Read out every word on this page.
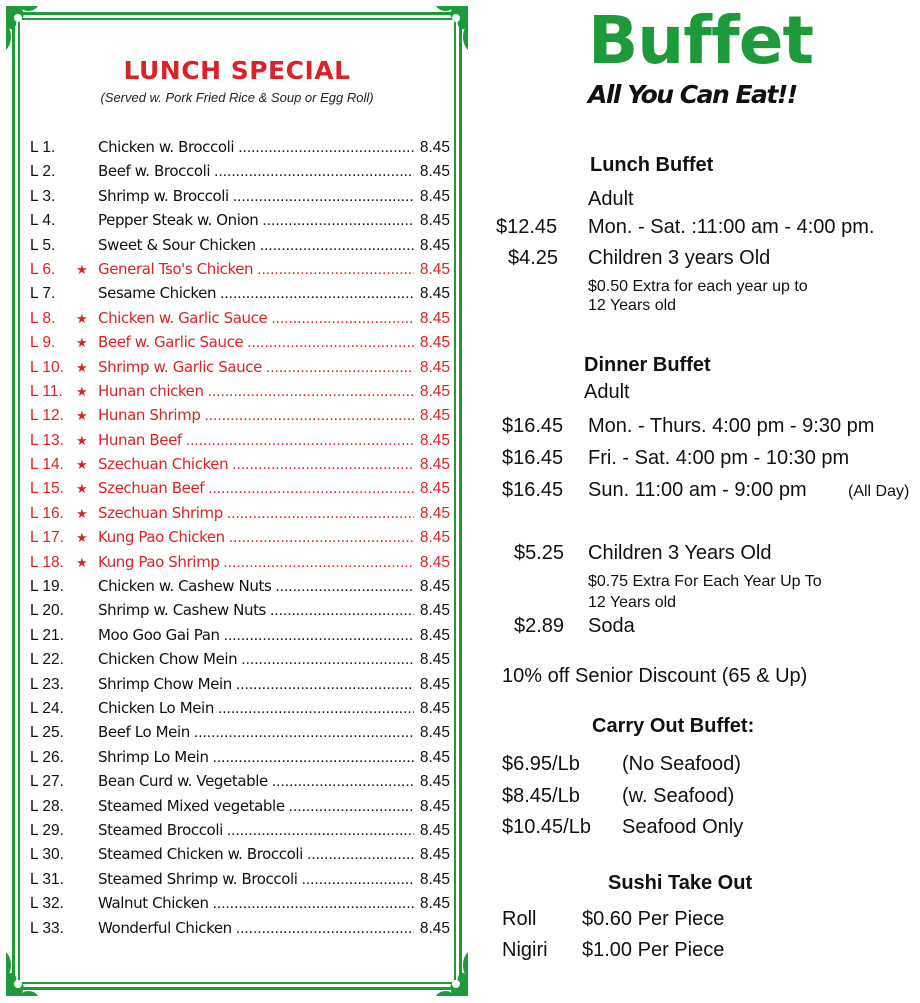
LUNCH SPECIAL
(Served w. Pork Fried Rice & Soup or Egg Roll)
L 1.	Chicken w. Broccoli .....	8.45
L 2.	Beef w. Broccoli .....	8.45
L 3.	Shrimp w. Broccoli .....	8.45
L 4.	Pepper Steak w. Onion .....	8.45
L 5.	Sweet & Sour Chicken .....	8.45
L 6.	★ General Tso's Chicken .....	8.45
L 7.	Sesame Chicken .....	8.45
L 8.	★ Chicken w. Garlic Sauce .....	8.45
L 9.	★ Beef w. Garlic Sauce .....	8.45
L 10. ★ Shrimp w. Garlic Sauce .....	8.45
L 11.	★ Hunan chicken .....	8.45
L 12. ★ Hunan Shrimp .....	8.45
L 13. ★ Hunan Beef .....	8.45
L 14. ★ Szechuan Chicken .....	8.45
L 15. ★ Szechuan Beef .....	8.45
L 16. ★ Szechuan Shrimp .....	8.45
L 17. ★ Kung Pao Chicken .....	8.45
L 18. ★ Kung Pao Shrimp .....	8.45
L 19.	Chicken w. Cashew Nuts .....	8.45
L 20.	Shrimp w. Cashew Nuts .....	8.45
L 21.	Moo Goo Gai Pan .....	8.45
L 22.	Chicken Chow Mein .....	8.45
L 23.	Shrimp Chow Mein .....	8.45
L 24.	Chicken Lo Mein .....	8.45
L 25.	Beef Lo Mein .....	8.45
L 26.	Shrimp Lo Mein .....	8.45
L 27.	Bean Curd w. Vegetable .....	8.45
L 28.	Steamed Mixed vegetable .....	8.45
L 29.	Steamed Broccoli .....	8.45
L 30.	Steamed Chicken w. Broccoli .....	8.45
L 31.	Steamed Shrimp w. Broccoli .....	8.45
L 32.	Walnut Chicken .....	8.45
L 33.	Wonderful Chicken .....	8.45
Buffet
All You Can Eat!!
Lunch Buffet
Adult
$12.45 Mon. - Sat. :11:00 am - 4:00 pm.
$4.25 Children 3 years Old
$0.50 Extra for each year up to
12 Years old
Dinner Buffet
Adult
$16.45 Mon. - Thurs. 4:00 pm - 9:30 pm
$16.45 Fri. - Sat. 4:00 pm - 10:30 pm
$16.45 Sun. 11:00 am - 9:00 pm	(All Day)
$5.25 Children 3 Years Old
$0.75 Extra For Each Year Up To
12 Years old
$2.89 Soda
10% off Senior Discount (65 & Up)
Carry Out Buffet:
$6.95/Lb (No Seafood)
$8.45/Lb (w. Seafood)
$10.45/Lb Seafood Only
Sushi Take Out
Roll $0.60 Per Piece
Nigiri $1.00 Per Piece
